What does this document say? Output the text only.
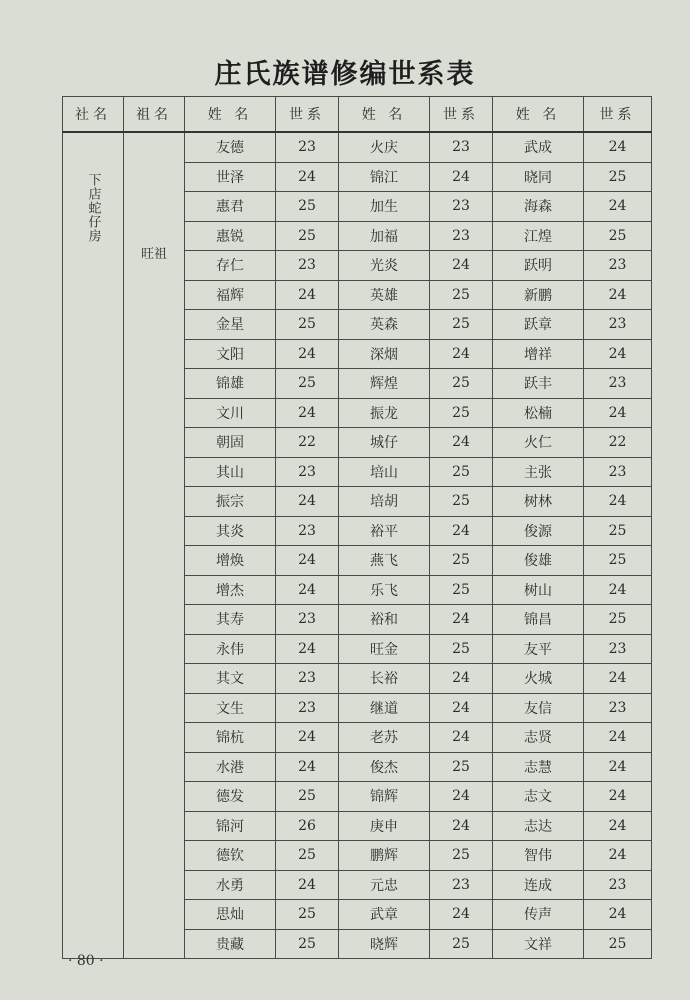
庄氏族谱修编世系表
社名	祖名	姓 名	世系	姓 名	世系	姓 名	世系
下店蛇仔房	旺祖	友德	23	火庆	23	武成	24
		世泽	24	锦江	24	晓同	25
		惠君	25	加生	23	海森	24
		惠锐	25	加福	23	江煌	25
		存仁	23	光炎	24	跃明	23
		福辉	24	英雄	25	新鹏	24
		金星	25	英森	25	跃章	23
		文阳	24	深烟	24	增祥	24
		锦雄	25	辉煌	25	跃丰	23
		文川	24	振龙	25	松楠	24
		朝固	22	城仔	24	火仁	22
		其山	23	培山	25	主张	23
		振宗	24	培胡	25	树林	24
		其炎	23	裕平	24	俊源	25
		增焕	24	燕飞	25	俊雄	25
		增杰	24	乐飞	25	树山	24
		其寿	23	裕和	24	锦昌	25
		永伟	24	旺金	25	友平	23
		其文	23	长裕	24	火城	24
		文生	23	继道	24	友信	23
		锦杭	24	老苏	24	志贤	24
		水港	24	俊杰	25	志慧	24
		德发	25	锦辉	24	志文	24
		锦河	26	庚申	24	志达	24
		德钦	25	鹏辉	25	智伟	24
		水勇	24	元忠	23	连成	23
		思灿	25	武章	24	传声	24
		贵藏	25	晓辉	25	文祥	25
· 80 ·
